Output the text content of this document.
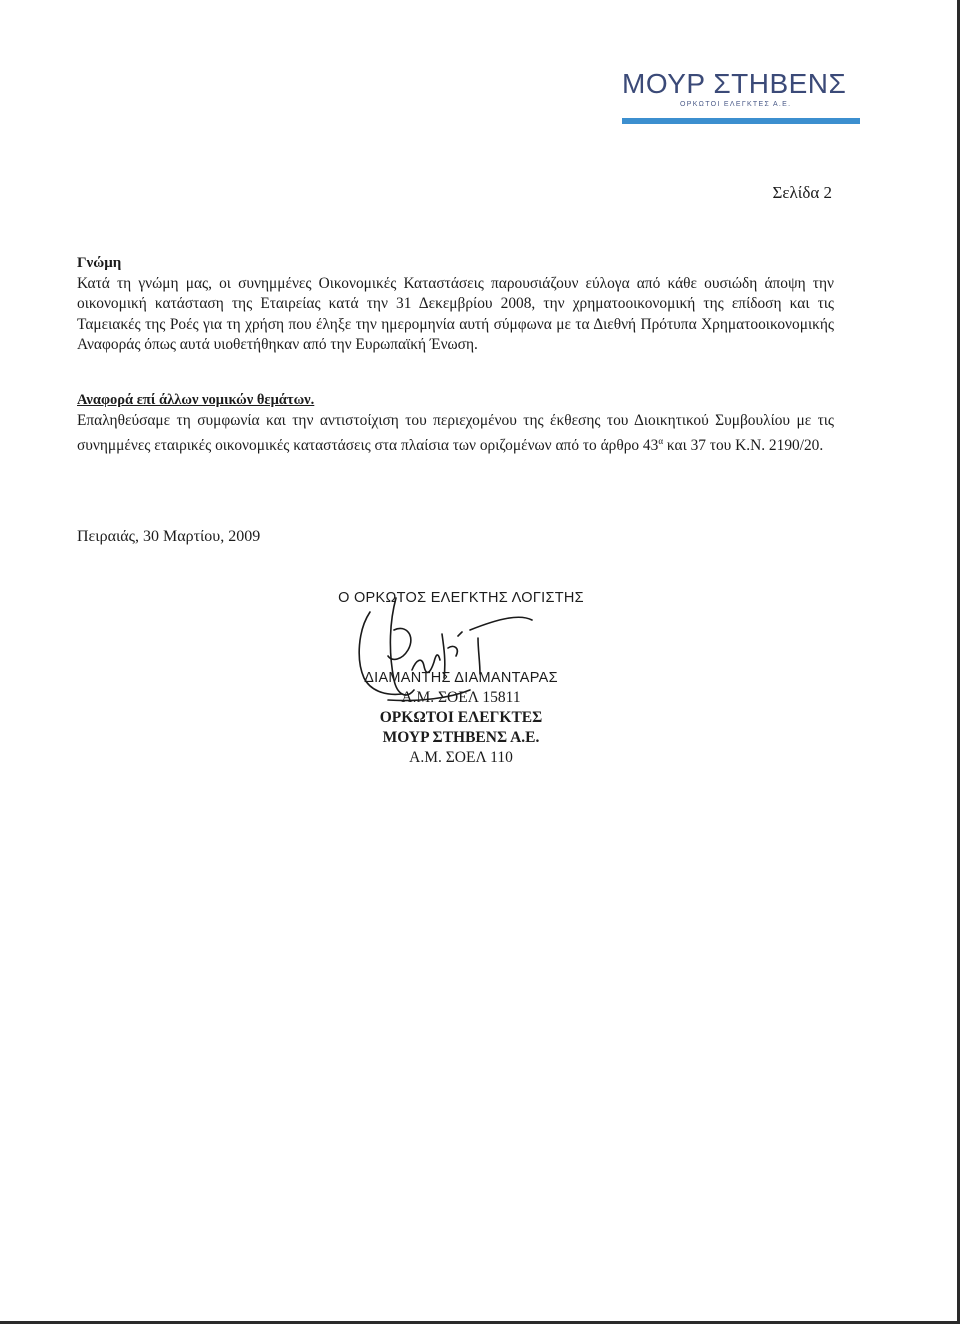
ΜΟΥΡ ΣΤΗΒΕΝΣ
ΟΡΚΩΤΟΙ ΕΛΕΓΚΤΕΣ Α.Ε.
Σελίδα 2
Γνώμη
Κατά τη γνώμη μας, οι συνημμένες Οικονομικές Καταστάσεις παρουσιάζουν εύλογα από κάθε ουσιώδη άποψη την οικονομική κατάσταση της Εταιρείας κατά την 31 Δεκεμβρίου 2008, την χρηματοοικονομική της επίδοση και τις Ταμειακές της Ροές για τη χρήση που έληξε την ημερομηνία αυτή σύμφωνα με τα Διεθνή Πρότυπα Χρηματοοικονομικής Αναφοράς όπως αυτά υιοθετήθηκαν από την Ευρωπαϊκή Ένωση.
Αναφορά επί άλλων νομικών θεμάτων.
Επαληθεύσαμε τη συμφωνία και την αντιστοίχιση του περιεχομένου της έκθεσης του Διοικητικού Συμβουλίου με τις συνημμένες εταιρικές οικονομικές καταστάσεις στα πλαίσια των οριζομένων από το άρθρο $43^\alpha$ και 37 του Κ.Ν. 2190/20.
Πειραιάς, 30 Μαρτίου, 2009
Ο ΟΡΚΩΤΟΣ ΕΛΕΓΚΤΗΣ ΛΟΓΙΣΤΗΣ
ΔΙΑΜΑΝΤΗΣ ΔΙΑΜΑΝΤΑΡΑΣ
Α.Μ. ΣΟΕΛ 15811
ΟΡΚΩΤΟΙ ΕΛΕΓΚΤΕΣ
ΜΟΥΡ ΣΤΗΒΕΝΣ Α.Ε.
Α.Μ. ΣΟΕΛ 110
